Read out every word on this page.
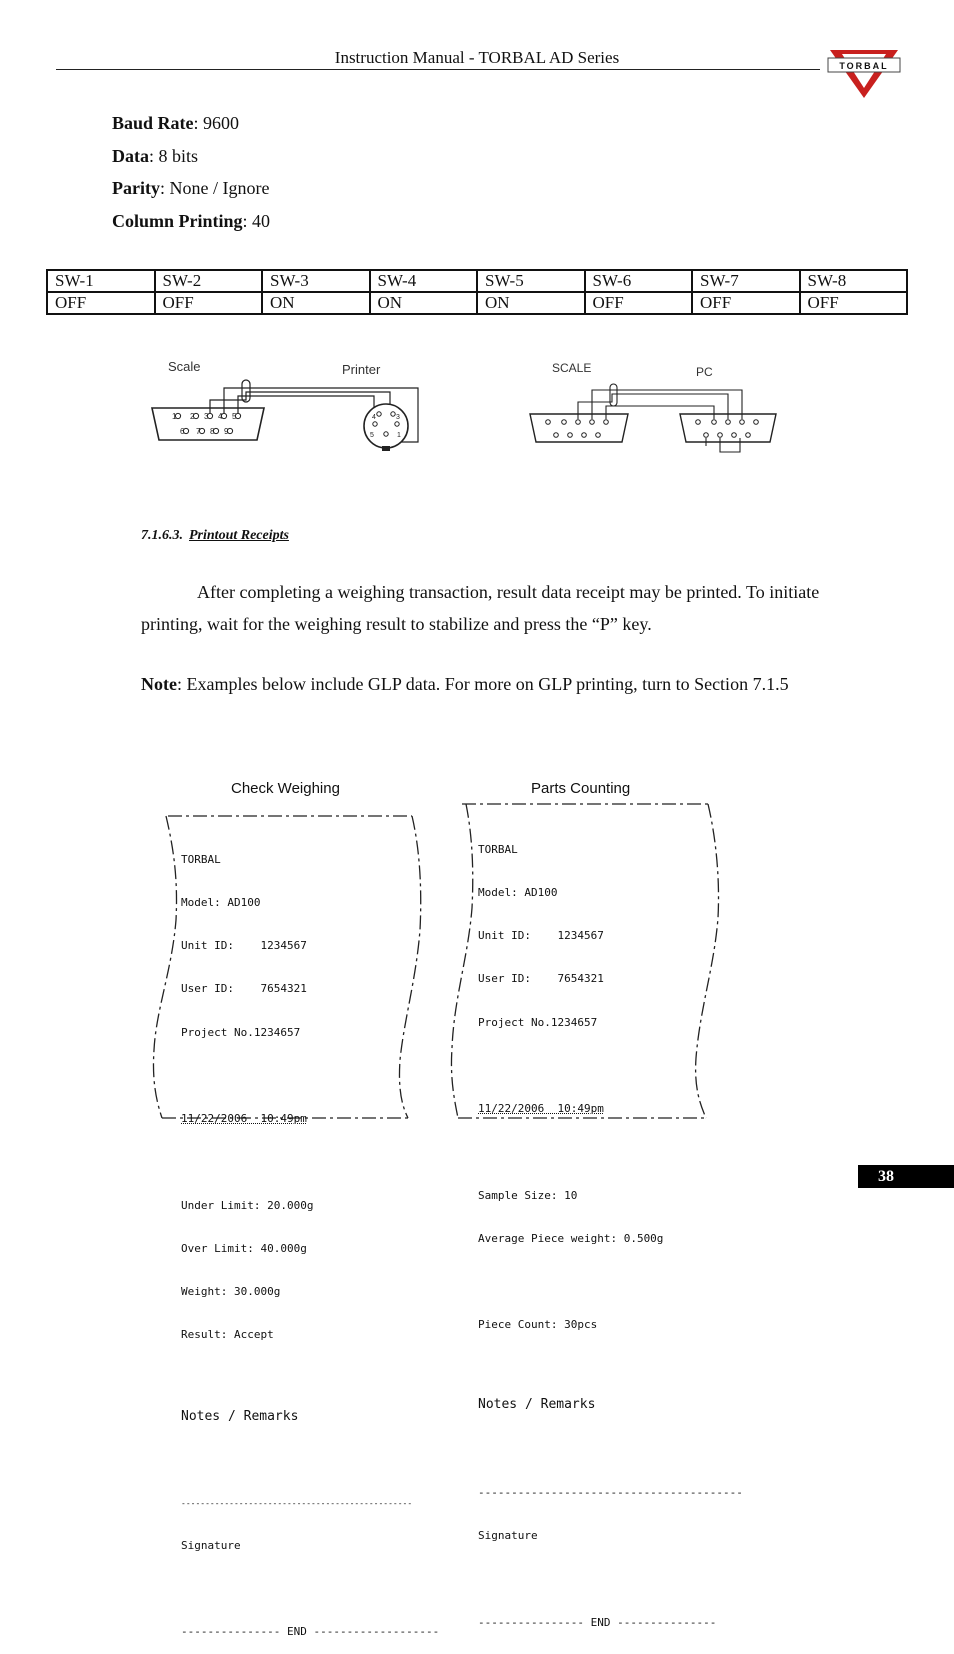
Instruction Manual - TORBAL AD Series	TORBAL
Baud Rate: 9600
Data: 8 bits
Parity: None / Ignore
Column Printing: 40
SW-1	SW-2	SW-3	SW-4	SW-5	SW-6	SW-7	SW-8
OFF	OFF	ON	ON	ON	OFF	OFF	OFF
Scale	Printer
1 2 3 4 5
6 7 8 9
4	3
5	1
SCALE	PC
7.1.6.3. Printout Receipts
After completing a weighing transaction, result data receipt may be printed. To initiate printing, wait for the weighing result to stabilize and press the “P” key.
Note: Examples below include GLP data. For more on GLP printing, turn to Section 7.1.5
Check Weighing

TORBAL

Model: AD100

Unit ID:    1234567

User ID:    7654321

Project No.1234657

11/22/2006  10:49pm

Under Limit: 20.000g

Over Limit: 40.000g

Weight: 30.000g

Result: Accept

Notes / Remarks

------------------------------------------------

Signature

--------------- END -------------------

Parts Counting

TORBAL

Model: AD100

Unit ID:    1234567

User ID:    7654321

Project No.1234657

11/22/2006  10:49pm

Sample Size: 10

Average Piece weight: 0.500g

Piece Count: 30pcs

Notes / Remarks

----------------------------------------

Signature

---------------- END ---------------

38
